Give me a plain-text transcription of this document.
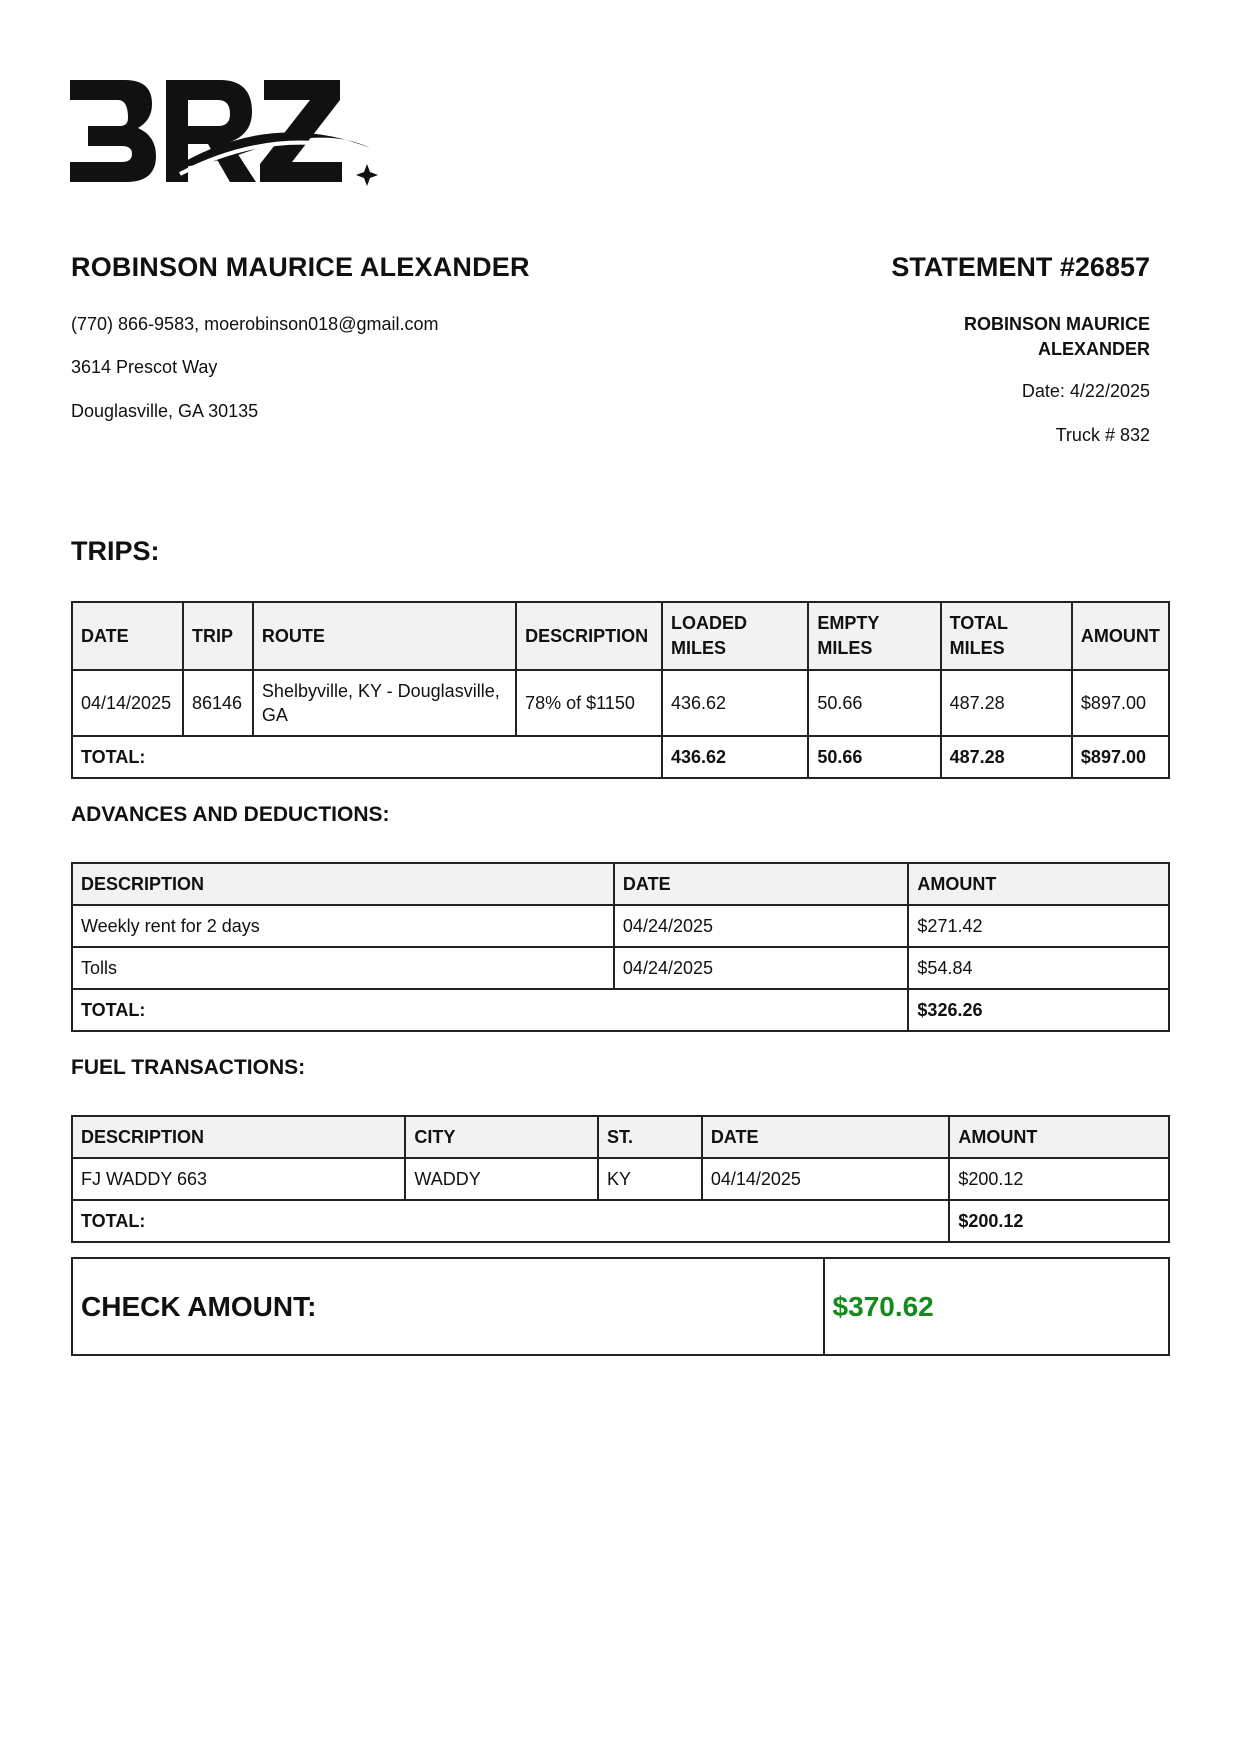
ROBINSON MAURICE ALEXANDER
(770) 866-9583, moerobinson018@gmail.com
3614 Prescot Way
Douglasville, GA 30135
STATEMENT #26857
ROBINSON MAURICE ALEXANDER
Date: 4/22/2025
Truck # 832
TRIPS:
DATE	TRIP	ROUTE	DESCRIPTION	LOADED MILES	EMPTY MILES	TOTAL MILES	AMOUNT
04/14/2025	86146	Shelbyville, KY - Douglasville, GA	78% of $1150	436.62	50.66	487.28	$897.00
TOTAL:				436.62	50.66	487.28	$897.00
ADVANCES AND DEDUCTIONS:
DESCRIPTION	DATE	AMOUNT
Weekly rent for 2 days	04/24/2025	$271.42
Tolls	04/24/2025	$54.84
TOTAL:		$326.26
FUEL TRANSACTIONS:
DESCRIPTION	CITY	ST.	DATE	AMOUNT
FJ WADDY 663	WADDY	KY	04/14/2025	$200.12
TOTAL:				$200.12
CHECK AMOUNT:	$370.62
